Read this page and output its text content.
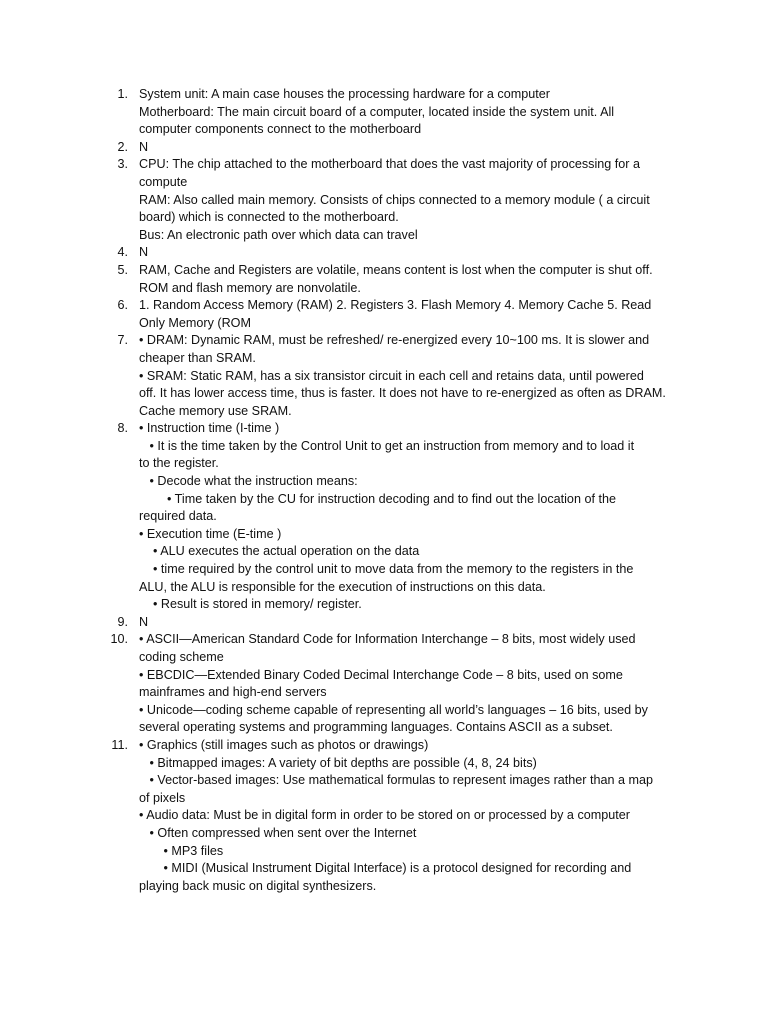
1. System unit: A main case houses the processing hardware for a computer
Motherboard: The main circuit board of a computer, located inside the system unit. All
computer components connect to the motherboard
2. N
3. CPU: The chip attached to the motherboard that does the vast majority of processing for a
compute
RAM: Also called main memory. Consists of chips connected to a memory module ( a circuit
board) which is connected to the motherboard.
Bus: An electronic path over which data can travel
4. N
5. RAM, Cache and Registers are volatile, means content is lost when the computer is shut off.
ROM and flash memory are nonvolatile.
6. 1. Random Access Memory (RAM) 2. Registers 3. Flash Memory 4. Memory Cache 5. Read
Only Memory (ROM
7. • DRAM: Dynamic RAM, must be refreshed/ re-energized every 10~100 ms. It is slower and
cheaper than SRAM.
• SRAM: Static RAM, has a six transistor circuit in each cell and retains data, until powered
off. It has lower access time, thus is faster. It does not have to re-energized as often as DRAM.
Cache memory use SRAM.
8. • Instruction time (I-time )
• It is the time taken by the Control Unit to get an instruction from memory and to load it
to the register.
• Decode what the instruction means:
• Time taken by the CU for instruction decoding and to find out the location of the
required data.
• Execution time (E-time )
• ALU executes the actual operation on the data
• time required by the control unit to move data from the memory to the registers in the
ALU, the ALU is responsible for the execution of instructions on this data.
• Result is stored in memory/ register.
9. N
10. • ASCII—American Standard Code for Information Interchange – 8 bits, most widely used
coding scheme
• EBCDIC—Extended Binary Coded Decimal Interchange Code – 8 bits, used on some
mainframes and high-end servers
• Unicode—coding scheme capable of representing all world’s languages – 16 bits, used by
several operating systems and programming languages. Contains ASCII as a subset.
11. • Graphics (still images such as photos or drawings)
• Bitmapped images: A variety of bit depths are possible (4, 8, 24 bits)
• Vector-based images: Use mathematical formulas to represent images rather than a map
of pixels
• Audio data: Must be in digital form in order to be stored on or processed by a computer
• Often compressed when sent over the Internet
• MP3 files
• MIDI (Musical Instrument Digital Interface) is a protocol designed for recording and
playing back music on digital synthesizers.
